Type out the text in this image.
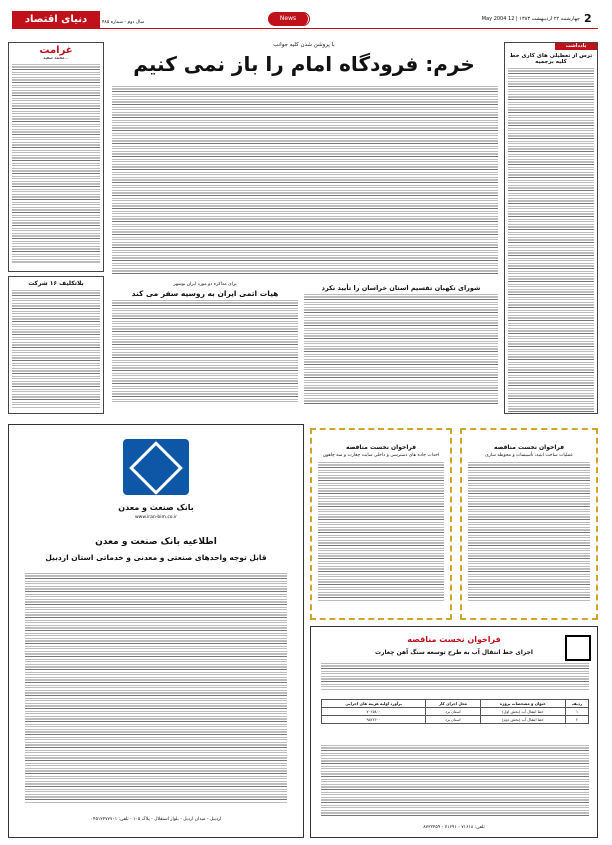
دنیای اقتصاد	سال دوم - شماره ۴۸۵
News	چهارشنبه ۲۲ اردیبهشت ۱۳۸۳ | 12 May 2004 2
یادداشت
ترس از تعطیلی های کاری خط کلیه برجمیه
غرامت
محمد سعید...
بلاتکلیف ۱۶ شرکت
با پروشن شدن کلیه جوانب
خرم: فرودگاه امام را باز نمی کنیم
برای مذاکره دو مورد ایران بوشهر
هیات اتمی ایران به روسیه سفر می کند
شورای تکهبان تقسیم استان خراسان را تأیید نکرد
بانک صنعت و معدن
www.iran-bim.co.ir
اطلاعیه بانک صنعت و معدن
قابل توجه واحدهای صنعتی و معدنی و خدماتی استان اردبیل
اردبیل - میدان اردیل - بلوار استقلال - پلاک ۱۰۵ - تلفن: ۰۴۵۱۲۲۷۷۷۰۱
فراخوان نخست مناقصه
عملیات ساخت ابنیه، تأسیسات و محوطه سازی
فراخوان نخست مناقصه
احداث جاده های دسترسی و داخلی سایت چغارت و سه چاهون
فراخوان نخست مناقصه
اجرای خط انتقال آب به طرح توسعه سنگ آهن چغارت
برآورد اولیه هزینه های اجرایی	محل اجرای کار	عنوان و مشخصات پروژه	ردیف
۷۰۲۵۸۰۰	استان یزد	خط انتقال آب (بخش اول)	۱
۹۵۲۲۶۰۰	استان یزد	خط انتقال آب (بخش دوم)	۲
تلفن: ۷۱۶۱۸ - ۷۱۶۹۱ - ۸۷۲۲۲۵۹
